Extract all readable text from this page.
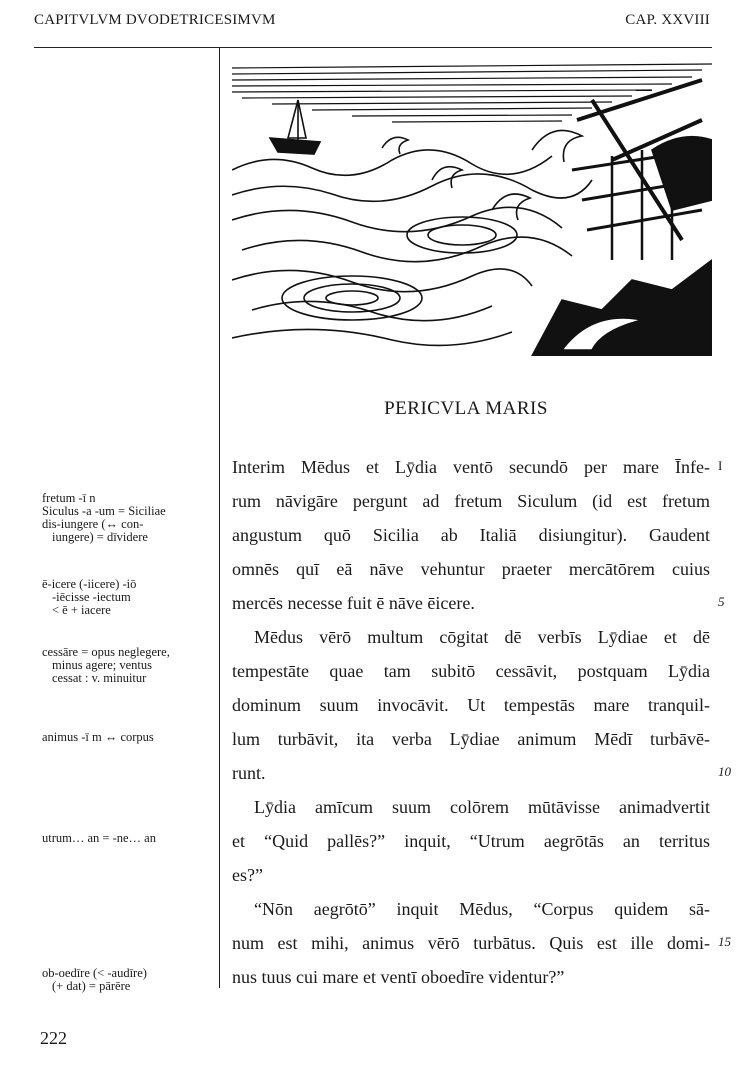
CAPITVLVM DVODETRICESIMVM	CAP. XXVIII
PERICVLA MARIS
Interim Mēdus et Lȳdia ventō secundō per mare Īnfe-
rum nāvigāre pergunt ad fretum Siculum (id est fretum
angustum quō Sicilia ab Italiā disiungitur). Gaudent
omnēs quī eā nāve vehuntur praeter mercātōrem cuius
mercēs necesse fuit ē nāve ēicere.
Mēdus vērō multum cōgitat dē verbīs Lȳdiae et dē
tempestāte quae tam subitō cessāvit, postquam Lȳdia
dominum suum invocāvit. Ut tempestās mare tranquil-
lum turbāvit, ita verba Lȳdiae animum Mēdī turbāvē-
runt.
Lȳdia amīcum suum colōrem mūtāvisse animadvertit
et “Quid pallēs?” inquit, “Utrum aegrōtās an territus
es?”
“Nōn aegrōtō” inquit Mēdus, “Corpus quidem sā-
num est mihi, animus vērō turbātus. Quis est ille domi-
nus tuus cui mare et ventī oboedīre videntur?”
I
5
10
15
fretum -ī n
Siculus -a -um = Siciliae
dis-iungere (↔ con-
iungere) = dīvidere
ē-icere (-iicere) -iō
-iēcisse -iectum
< ē + iacere
cessāre = opus neglegere,
minus agere; ventus
cessat : v. minuitur
animus -ī m ↔ corpus
utrum… an = -ne… an
ob-oedīre (< -audīre)
(+ dat) = pārēre
222
